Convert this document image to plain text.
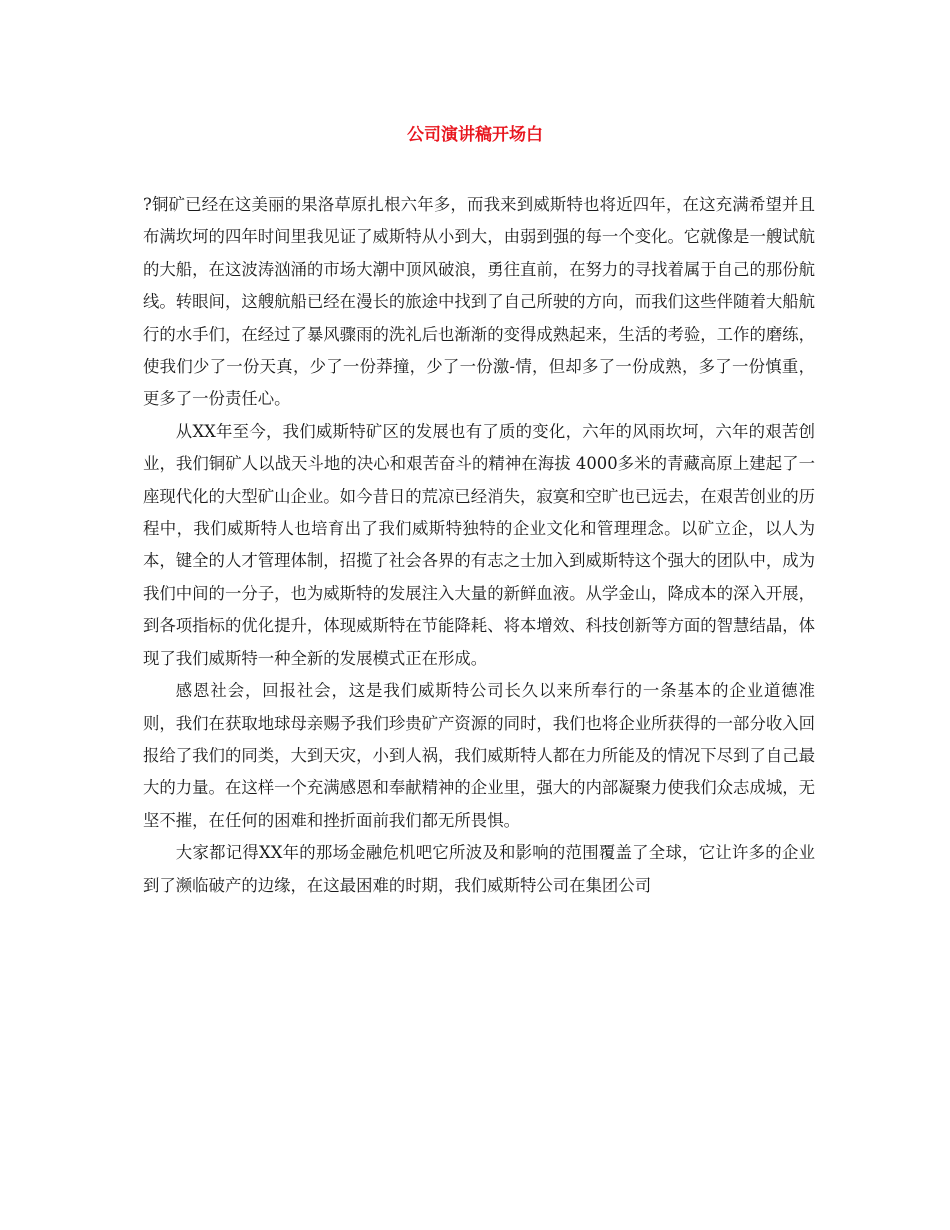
公司演讲稿开场白

?铜矿已经在这美丽的果洛草原扎根六年多，而我来到威斯特也将近四年，在这充满希望并且布满坎坷的四年时间里我见证了威斯特从小到大，由弱到强的每一个变化。它就像是一艘试航的大船，在这波涛汹涌的市场大潮中顶风破浪，勇往直前，在努力的寻找着属于自己的那份航线。转眼间，这艘航船已经在漫长的旅途中找到了自己所驶的方向，而我们这些伴随着大船航行的水手们，在经过了暴风骤雨的洗礼后也渐渐的变得成熟起来，生活的考验，工作的磨练，使我们少了一份天真，少了一份莽撞，少了一份激-情，但却多了一份成熟，多了一份慎重，更多了一份责任心。

从XX年至今，我们威斯特矿区的发展也有了质的变化，六年的风雨坎坷，六年的艰苦创业，我们铜矿人以战天斗地的决心和艰苦奋斗的精神在海拔 4000多米的青藏高原上建起了一座现代化的大型矿山企业。如今昔日的荒凉已经消失，寂寞和空旷也已远去，在艰苦创业的历程中，我们威斯特人也培育出了我们威斯特独特的企业文化和管理理念。以矿立企，以人为本，键全的人才管理体制，招揽了社会各界的有志之士加入到威斯特这个强大的团队中，成为我们中间的一分子，也为威斯特的发展注入大量的新鲜血液。从学金山，降成本的深入开展，到各项指标的优化提升，体现威斯特在节能降耗、将本增效、科技创新等方面的智慧结晶，体现了我们威斯特一种全新的发展模式正在形成。

感恩社会，回报社会，这是我们威斯特公司长久以来所奉行的一条基本的企业道德准则，我们在获取地球母亲赐予我们珍贵矿产资源的同时，我们也将企业所获得的一部分收入回报给了我们的同类，大到天灾，小到人祸，我们威斯特人都在力所能及的情况下尽到了自己最大的力量。在这样一个充满感恩和奉献精神的企业里，强大的内部凝聚力使我们众志成城，无坚不摧，在任何的困难和挫折面前我们都无所畏惧。

大家都记得XX年的那场金融危机吧它所波及和影响的范围覆盖了全球，它让许多的企业到了濒临破产的边缘，在这最困难的时期，我们威斯特公司在集团公司
